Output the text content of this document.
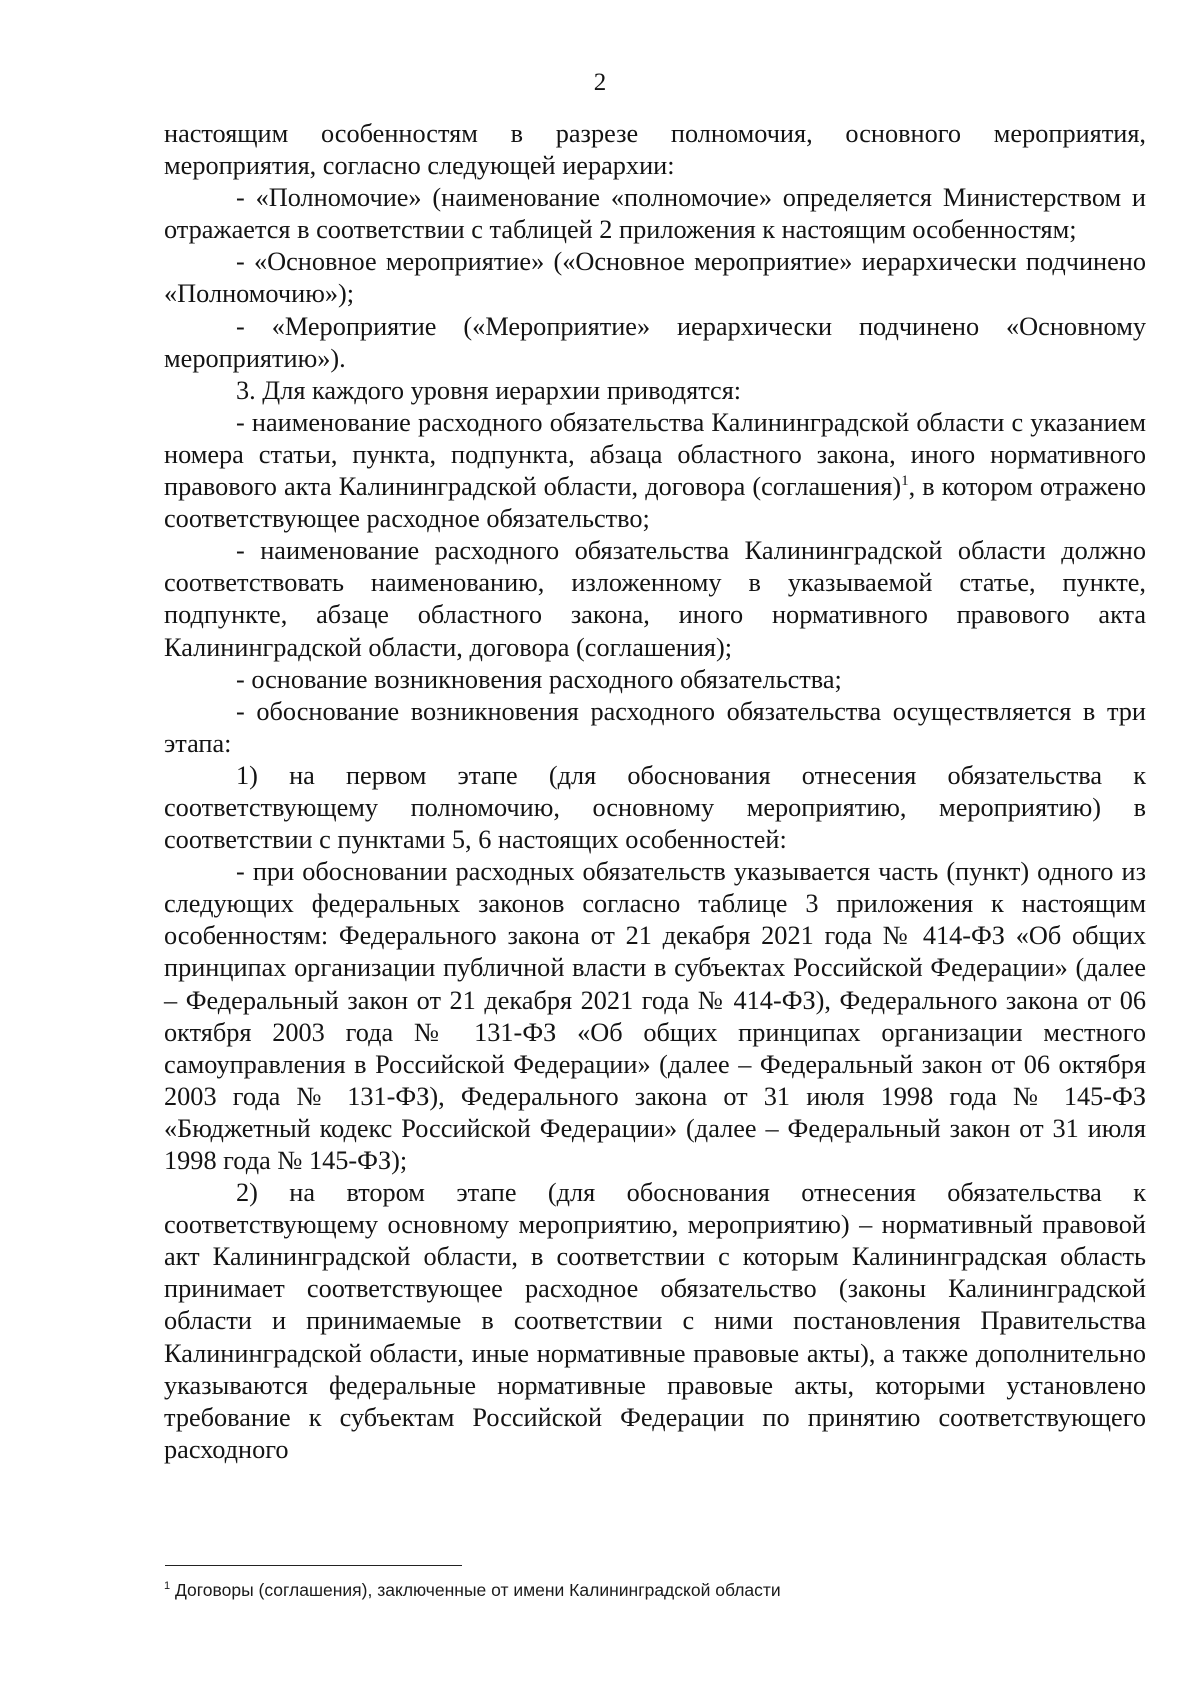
2

настоящим особенностям в разрезе полномочия, основного мероприятия, мероприятия, согласно следующей иерархии:

- «Полномочие» (наименование «полномочие» определяется Министерством и отражается в соответствии с таблицей 2 приложения к настоящим особенностям;

- «Основное мероприятие» («Основное мероприятие» иерархически подчинено «Полномочию»);

- «Мероприятие («Мероприятие» иерархически подчинено «Основному мероприятию»).

3. Для каждого уровня иерархии приводятся:

- наименование расходного обязательства Калининградской области с указанием номера статьи, пункта, подпункта, абзаца областного закона, иного нормативного правового акта Калининградской области, договора (соглашения)$^1$, в котором отражено соответствующее расходное обязательство;

- наименование расходного обязательства Калининградской области должно соответствовать наименованию, изложенному в указываемой статье, пункте, подпункте, абзаце областного закона, иного нормативного правового акта Калининградской области, договора (соглашения);

- основание возникновения расходного обязательства;

- обоснование возникновения расходного обязательства осуществляется в три этапа:

1) на первом этапе (для обоснования отнесения обязательства к соответствующему полномочию, основному мероприятию, мероприятию) в соответствии с пунктами 5, 6 настоящих особенностей:

- при обосновании расходных обязательств указывается часть (пункт) одного из следующих федеральных законов согласно таблице 3 приложения к настоящим особенностям: Федерального закона от 21 декабря 2021 года № 414-ФЗ «Об общих принципах организации публичной власти в субъектах Российской Федерации» (далее – Федеральный закон от 21 декабря 2021 года № 414-ФЗ), Федерального закона от 06 октября 2003 года № 131-ФЗ «Об общих принципах организации местного самоуправления в Российской Федерации» (далее – Федеральный закон от 06 октября 2003 года № 131-ФЗ), Федерального закона от 31 июля 1998 года № 145-ФЗ «Бюджетный кодекс Российской Федерации» (далее – Федеральный закон от 31 июля 1998 года № 145-ФЗ);

2) на втором этапе (для обоснования отнесения обязательства к соответствующему основному мероприятию, мероприятию) – нормативный правовой акт Калининградской области, в соответствии с которым Калининградская область принимает соответствующее расходное обязательство (законы Калининградской области и принимаемые в соответствии с ними постановления Правительства Калининградской области, иные нормативные правовые акты), а также дополнительно указываются федеральные нормативные правовые акты, которыми установлено требование к субъектам Российской Федерации по принятию соответствующего расходного

$^1$ Договоры (соглашения), заключенные от имени Калининградской области
